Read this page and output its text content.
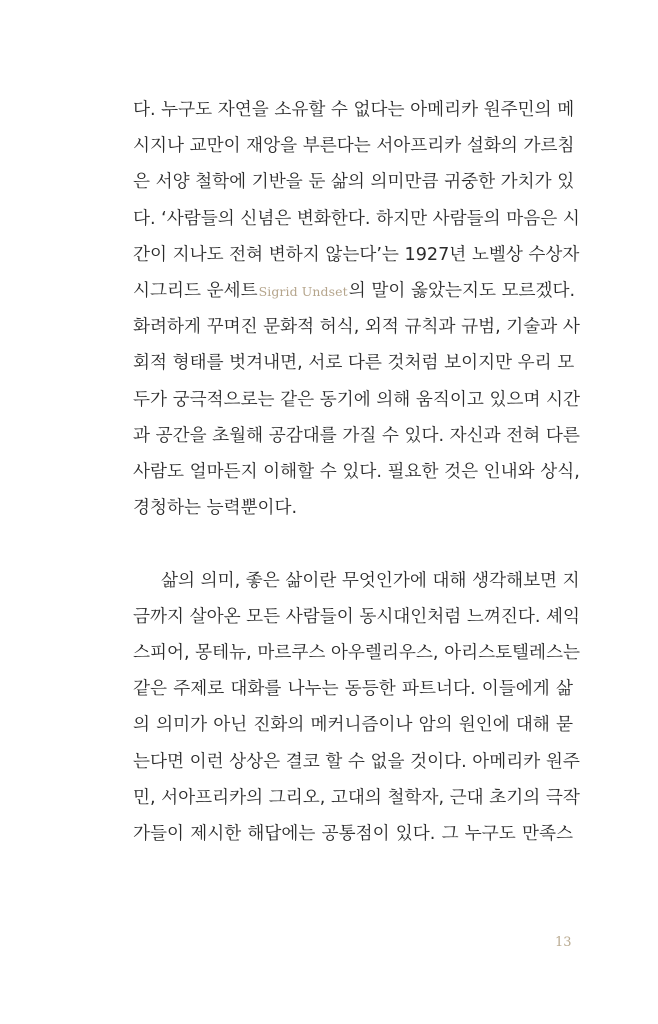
다. 누구도 자연을 소유할 수 없다는 아메리카 원주민의 메
시지나 교만이 재앙을 부른다는 서아프리카 설화의 가르침
은 서양 철학에 기반을 둔 삶의 의미만큼 귀중한 가치가 있
다. ‘사람들의 신념은 변화한다. 하지만 사람들의 마음은 시
간이 지나도 전혀 변하지 않는다’는 1927년 노벨상 수상자
시그리드 운세트Sigrid Undset의 말이 옳았는지도 모르겠다.
화려하게 꾸며진 문화적 허식, 외적 규칙과 규범, 기술과 사
회적 형태를 벗겨내면, 서로 다른 것처럼 보이지만 우리 모
두가 궁극적으로는 같은 동기에 의해 움직이고 있으며 시간
과 공간을 초월해 공감대를 가질 수 있다. 자신과 전혀 다른
사람도 얼마든지 이해할 수 있다. 필요한 것은 인내와 상식,
경청하는 능력뿐이다.
삶의 의미, 좋은 삶이란 무엇인가에 대해 생각해보면 지
금까지 살아온 모든 사람들이 동시대인처럼 느껴진다. 셰익
스피어, 몽테뉴, 마르쿠스 아우렐리우스, 아리스토텔레스는
같은 주제로 대화를 나누는 동등한 파트너다. 이들에게 삶
의 의미가 아닌 진화의 메커니즘이나 암의 원인에 대해 묻
는다면 이런 상상은 결코 할 수 없을 것이다. 아메리카 원주
민, 서아프리카의 그리오, 고대의 철학자, 근대 초기의 극작
가들이 제시한 해답에는 공통점이 있다. 그 누구도 만족스
13
